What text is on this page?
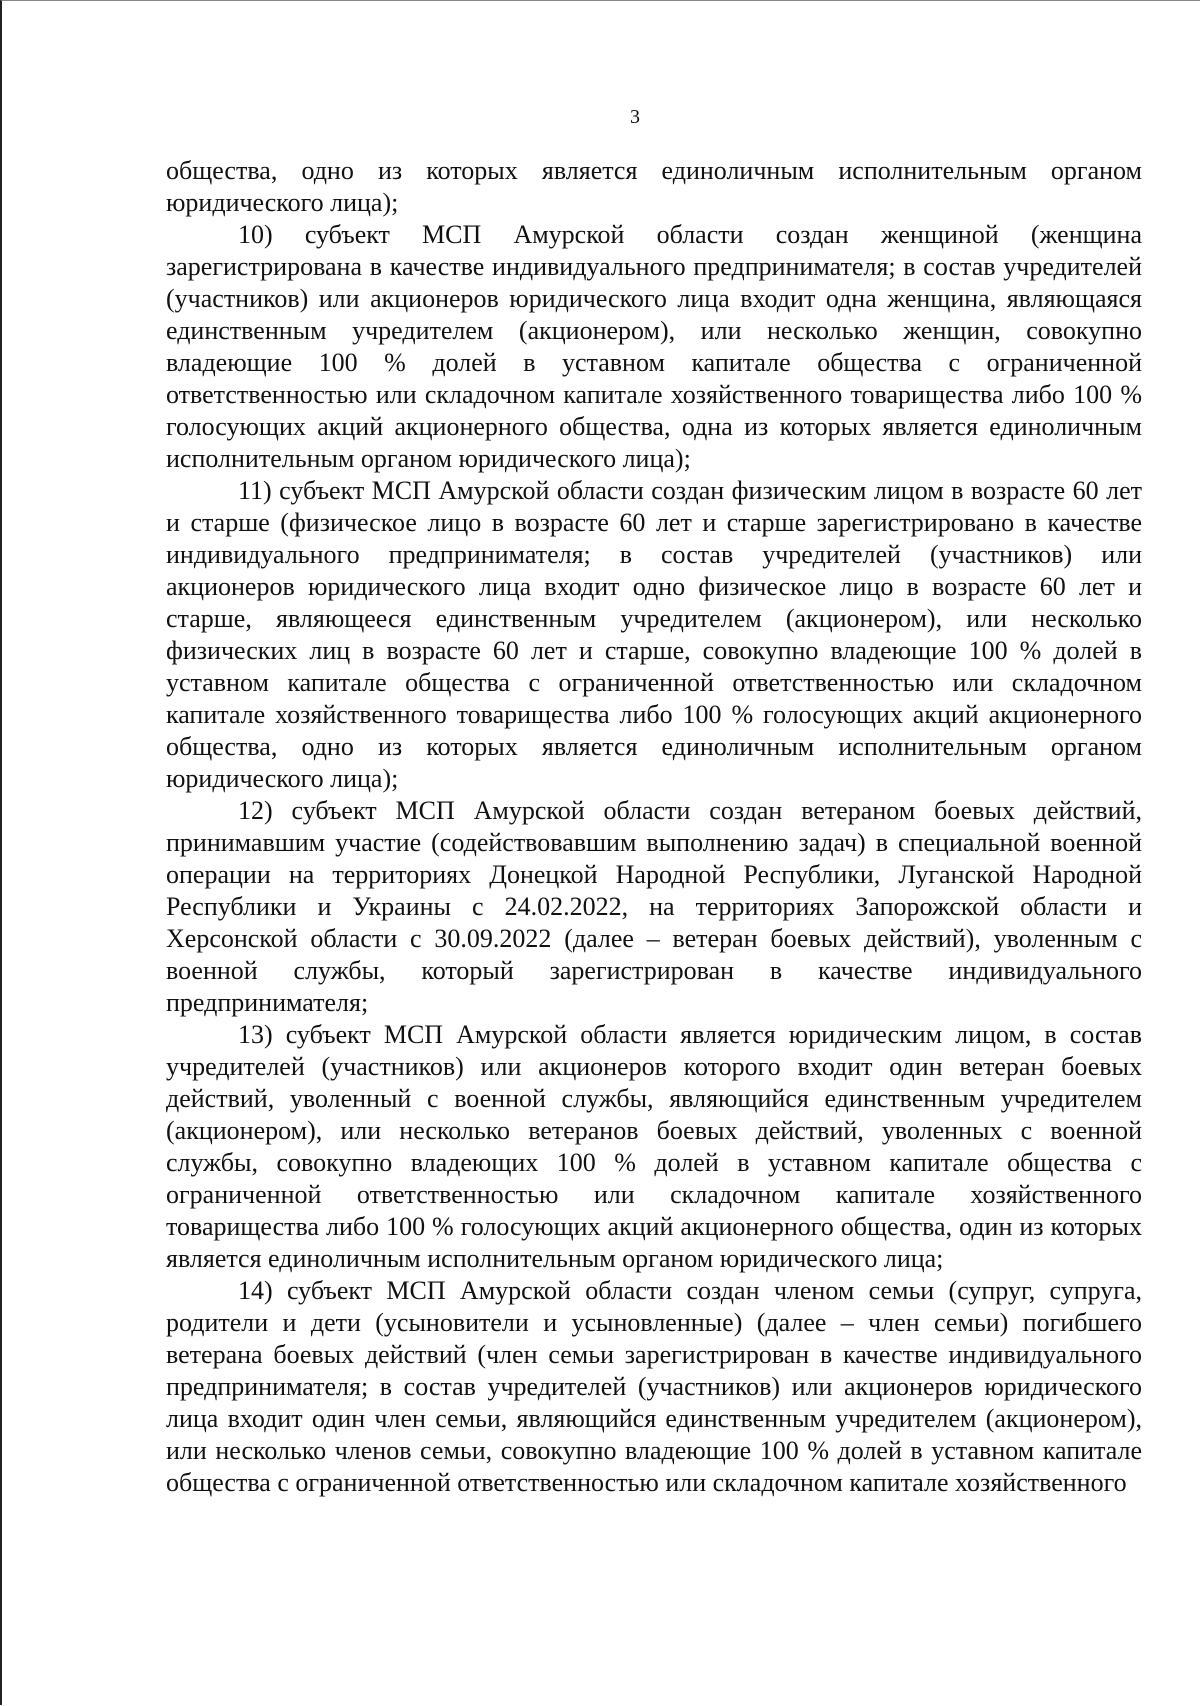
3

общества, одно из которых является единоличным исполнительным органом юридического лица);

10) субъект МСП Амурской области создан женщиной (женщина зарегистрирована в качестве индивидуального предпринимателя; в состав учредителей (участников) или акционеров юридического лица входит одна женщина, являющаяся единственным учредителем (акционером), или несколько женщин, совокупно владеющие 100 % долей в уставном капитале общества с ограниченной ответственностью или складочном капитале хозяйственного товарищества либо 100 % голосующих акций акционерного общества, одна из которых является единоличным исполнительным органом юридического лица);

11) субъект МСП Амурской области создан физическим лицом в возрасте 60 лет и старше (физическое лицо в возрасте 60 лет и старше зарегистрировано в качестве индивидуального предпринимателя; в состав учредителей (участников) или акционеров юридического лица входит одно физическое лицо в возрасте 60 лет и старше, являющееся единственным учредителем (акционером), или несколько физических лиц в возрасте 60 лет и старше, совокупно владеющие 100 % долей в уставном капитале общества с ограниченной ответственностью или складочном капитале хозяйственного товарищества либо 100 % голосующих акций акционерного общества, одно из которых является единоличным исполнительным органом юридического лица);

12) субъект МСП Амурской области создан ветераном боевых действий, принимавшим участие (содействовавшим выполнению задач) в специальной военной операции на территориях Донецкой Народной Республики, Луганской Народной Республики и Украины с 24.02.2022, на территориях Запорожской области и Херсонской области с 30.09.2022 (далее – ветеран боевых действий), уволенным с военной службы, который зарегистрирован в качестве индивидуального предпринимателя;

13) субъект МСП Амурской области является юридическим лицом, в состав учредителей (участников) или акционеров которого входит один ветеран боевых действий, уволенный с военной службы, являющийся единственным учредителем (акционером), или несколько ветеранов боевых действий, уволенных с военной службы, совокупно владеющих 100 % долей в уставном капитале общества с ограниченной ответственностью или складочном капитале хозяйственного товарищества либо 100 % голосующих акций акционерного общества, один из которых является единоличным исполнительным органом юридического лица;

14) субъект МСП Амурской области создан членом семьи (супруг, супруга, родители и дети (усыновители и усыновленные) (далее – член семьи) погибшего ветерана боевых действий (член семьи зарегистрирован в качестве индивидуального предпринимателя; в состав учредителей (участников) или акционеров юридического лица входит один член семьи, являющийся единственным учредителем (акционером), или несколько членов семьи, совокупно владеющие 100 % долей в уставном капитале общества с ограниченной ответственностью или складочном капитале хозяйственного
